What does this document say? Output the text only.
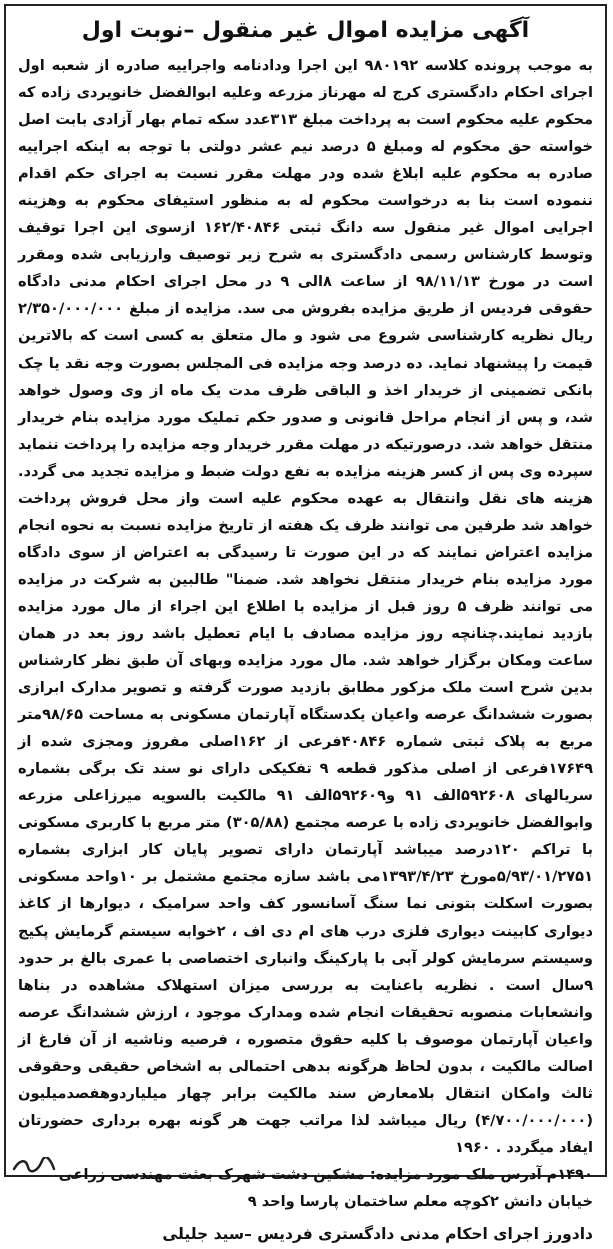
آگهی مزایده اموال غیر منقول –نوبت اول

به موجب پرونده کلاسه ۹۸۰۱۹۲ این اجرا ودادنامه واجراییه صادره از شعبه اول اجرای احکام دادگستری کرج له مهرناز مزرعه وعلیه ابوالفضل خانویردی زاده که محکوم علیه محکوم است به پرداخت مبلغ ۳۱۳عدد سکه تمام بهار آزادی بابت اصل خواسته حق محکوم له ومبلغ ۵ درصد نیم عشر دولتی با توجه به اینکه اجراییه صادره به محکوم علیه ابلاغ شده ودر مهلت مقرر نسبت به اجرای حکم اقدام ننموده است بنا به درخواست محکوم له به منظور استیفای محکوم به وهزینه اجرایی اموال غیر منقول سه دانگ ثبتی ۱۶۲/۴۰۸۴۶ ازسوی این اجرا توقیف وتوسط کارشناس رسمی دادگستری به شرح زیر توصیف وارزیابی شده ومقرر است در مورخ ۹۸/۱۱/۱۳ از ساعت ۸الی ۹ در محل اجرای احکام مدنی دادگاه حقوقی فردیس از طریق مزایده بفروش می سد. مزایده از مبلغ ۲/۳۵۰/۰۰۰/۰۰۰ ریال نظریه کارشناسی شروع می شود و مال متعلق به کسی است که بالاترین قیمت را پیشنهاد نماید. ده درصد وجه مزایده فی المجلس بصورت وجه نقد یا چک بانکی تضمینی از خریدار اخذ و الباقی ظرف مدت یک ماه از وی وصول خواهد شد، و پس از انجام مراحل قانونی و صدور حکم تملیک مورد مزایده بنام خریدار منتقل خواهد شد. درصورتیکه در مهلت مقرر خریدار وجه مزایده را پرداخت ننماید سپرده وی پس از کسر هزینه مزایده به نفع دولت ضبط و مزایده تجدید می گردد. هزینه های نقل وانتقال به عهده محکوم علیه است واز محل فروش پرداخت خواهد شد طرفین می توانند ظرف یک هفته از تاریخ مزایده نسبت به نحوه انجام مزایده اعتراض نمایند که در این صورت تا رسیدگی به اعتراض از سوی دادگاه مورد مزایده بنام خریدار منتقل نخواهد شد. ضمنا" طالبین به شرکت در مزایده می توانند ظرف ۵ روز قبل از مزایده با اطلاع این اجراء از مال مورد مزایده بازدید نمایند.چنانچه روز مزایده مصادف با ایام تعطیل باشد روز بعد در همان ساعت ومکان برگزار خواهد شد. مال مورد مزایده وبهای آن طبق نظر کارشناس بدین شرح است ملک مزکور مطابق بازدید صورت گرفته و تصویر مدارک ابرازی بصورت ششدانگ عرصه واعیان یکدستگاه آپارتمان مسکونی به مساحت ۹۸/۶۵متر مربع به پلاک ثبتی شماره ۴۰۸۴۶فرعی از ۱۶۲اصلی مفروز ومجزی شده از ۱۷۶۴۹فرعی از اصلی مذکور قطعه ۹ تفکیکی دارای نو سند تک برگی بشماره سریالهای ۵۹۲۶۰۸الف ۹۱ و۵۹۲۶۰۹الف ۹۱ مالکیت بالسویه میرزاعلی مزرعه وابوالفضل خانویردی زاده با عرصه مجتمع (۳۰۵/۸۸) متر مربع با کاربری مسکونی با تراکم ۱۲۰درصد میباشد آپارتمان دارای تصویر پایان کار ابزاری بشماره ۵/۹۳/۰۱/۲۷۵۱مورخ ۱۳۹۳/۴/۲۳می باشد سازه مجتمع مشتمل بر ۱۰واحد مسکونی بصورت اسکلت بتونی نما سنگ آسانسور کف واحد سرامیک ، دیوارها از کاغذ دیواری کابینت دیواری فلزی درب های ام دی اف ، ۲خوابه سیستم گرمایش پکیج وسیستم سرمایش کولر آبی با پارکینگ وانباری اختصاصی با عمری بالغ بر حدود ۹سال است . نظریه باعنایت به بررسی میزان استهلاک مشاهده در بناها وانشعابات منصوبه تحقیقات انجام شده ومدارک موجود ، ارزش ششدانگ عرصه واعیان آپارتمان موصوف با کلیه حقوق متصوره ، فرصیه وناشیه از آن فارغ از اصالت مالکیت ، بدون لحاظ هرگونه بدهی احتمالی به اشخاص حقیقی وحقوقی ثالث وامکان انتقال بلامعارض سند مالکیت برابر چهار میلیاردوهفصدمیلیون (۴/۷۰۰/۰۰۰/۰۰۰) ریال میباشد لذا مراتب جهت هر گونه بهره برداری حضورتان ایفاد میگردد . ۱۹۶۰

۱۴۹۰م آدرس ملک مورد مزایده: مشکین دشت شهرک بعثت مهندسی زراعی خیابان دانش ۲کوچه معلم ساختمان پارسا واحد ۹

دادورز اجرای احکام مدنی دادگستری فردیس –سید جلیلی
